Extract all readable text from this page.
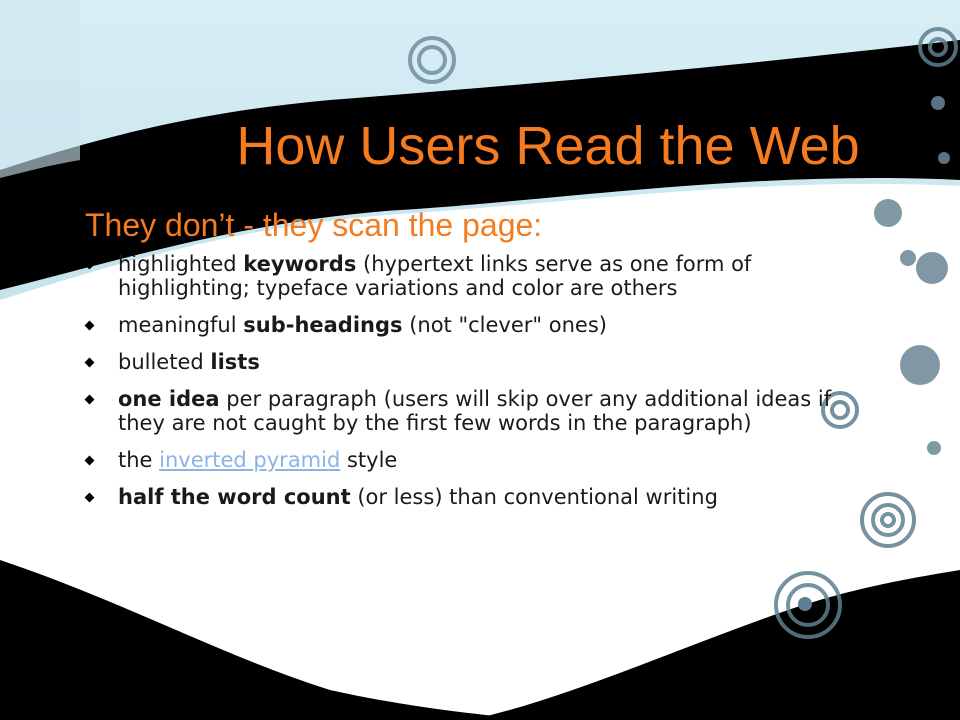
How Users Read the Web
They don’t - they scan the page:
highlighted keywords (hypertext links serve as one form of highlighting; typeface variations and color are others
meaningful sub-headings (not "clever" ones)
bulleted lists
one idea per paragraph (users will skip over any additional ideas if they are not caught by the first few words in the paragraph)
the inverted pyramid style
half the word count (or less) than conventional writing
